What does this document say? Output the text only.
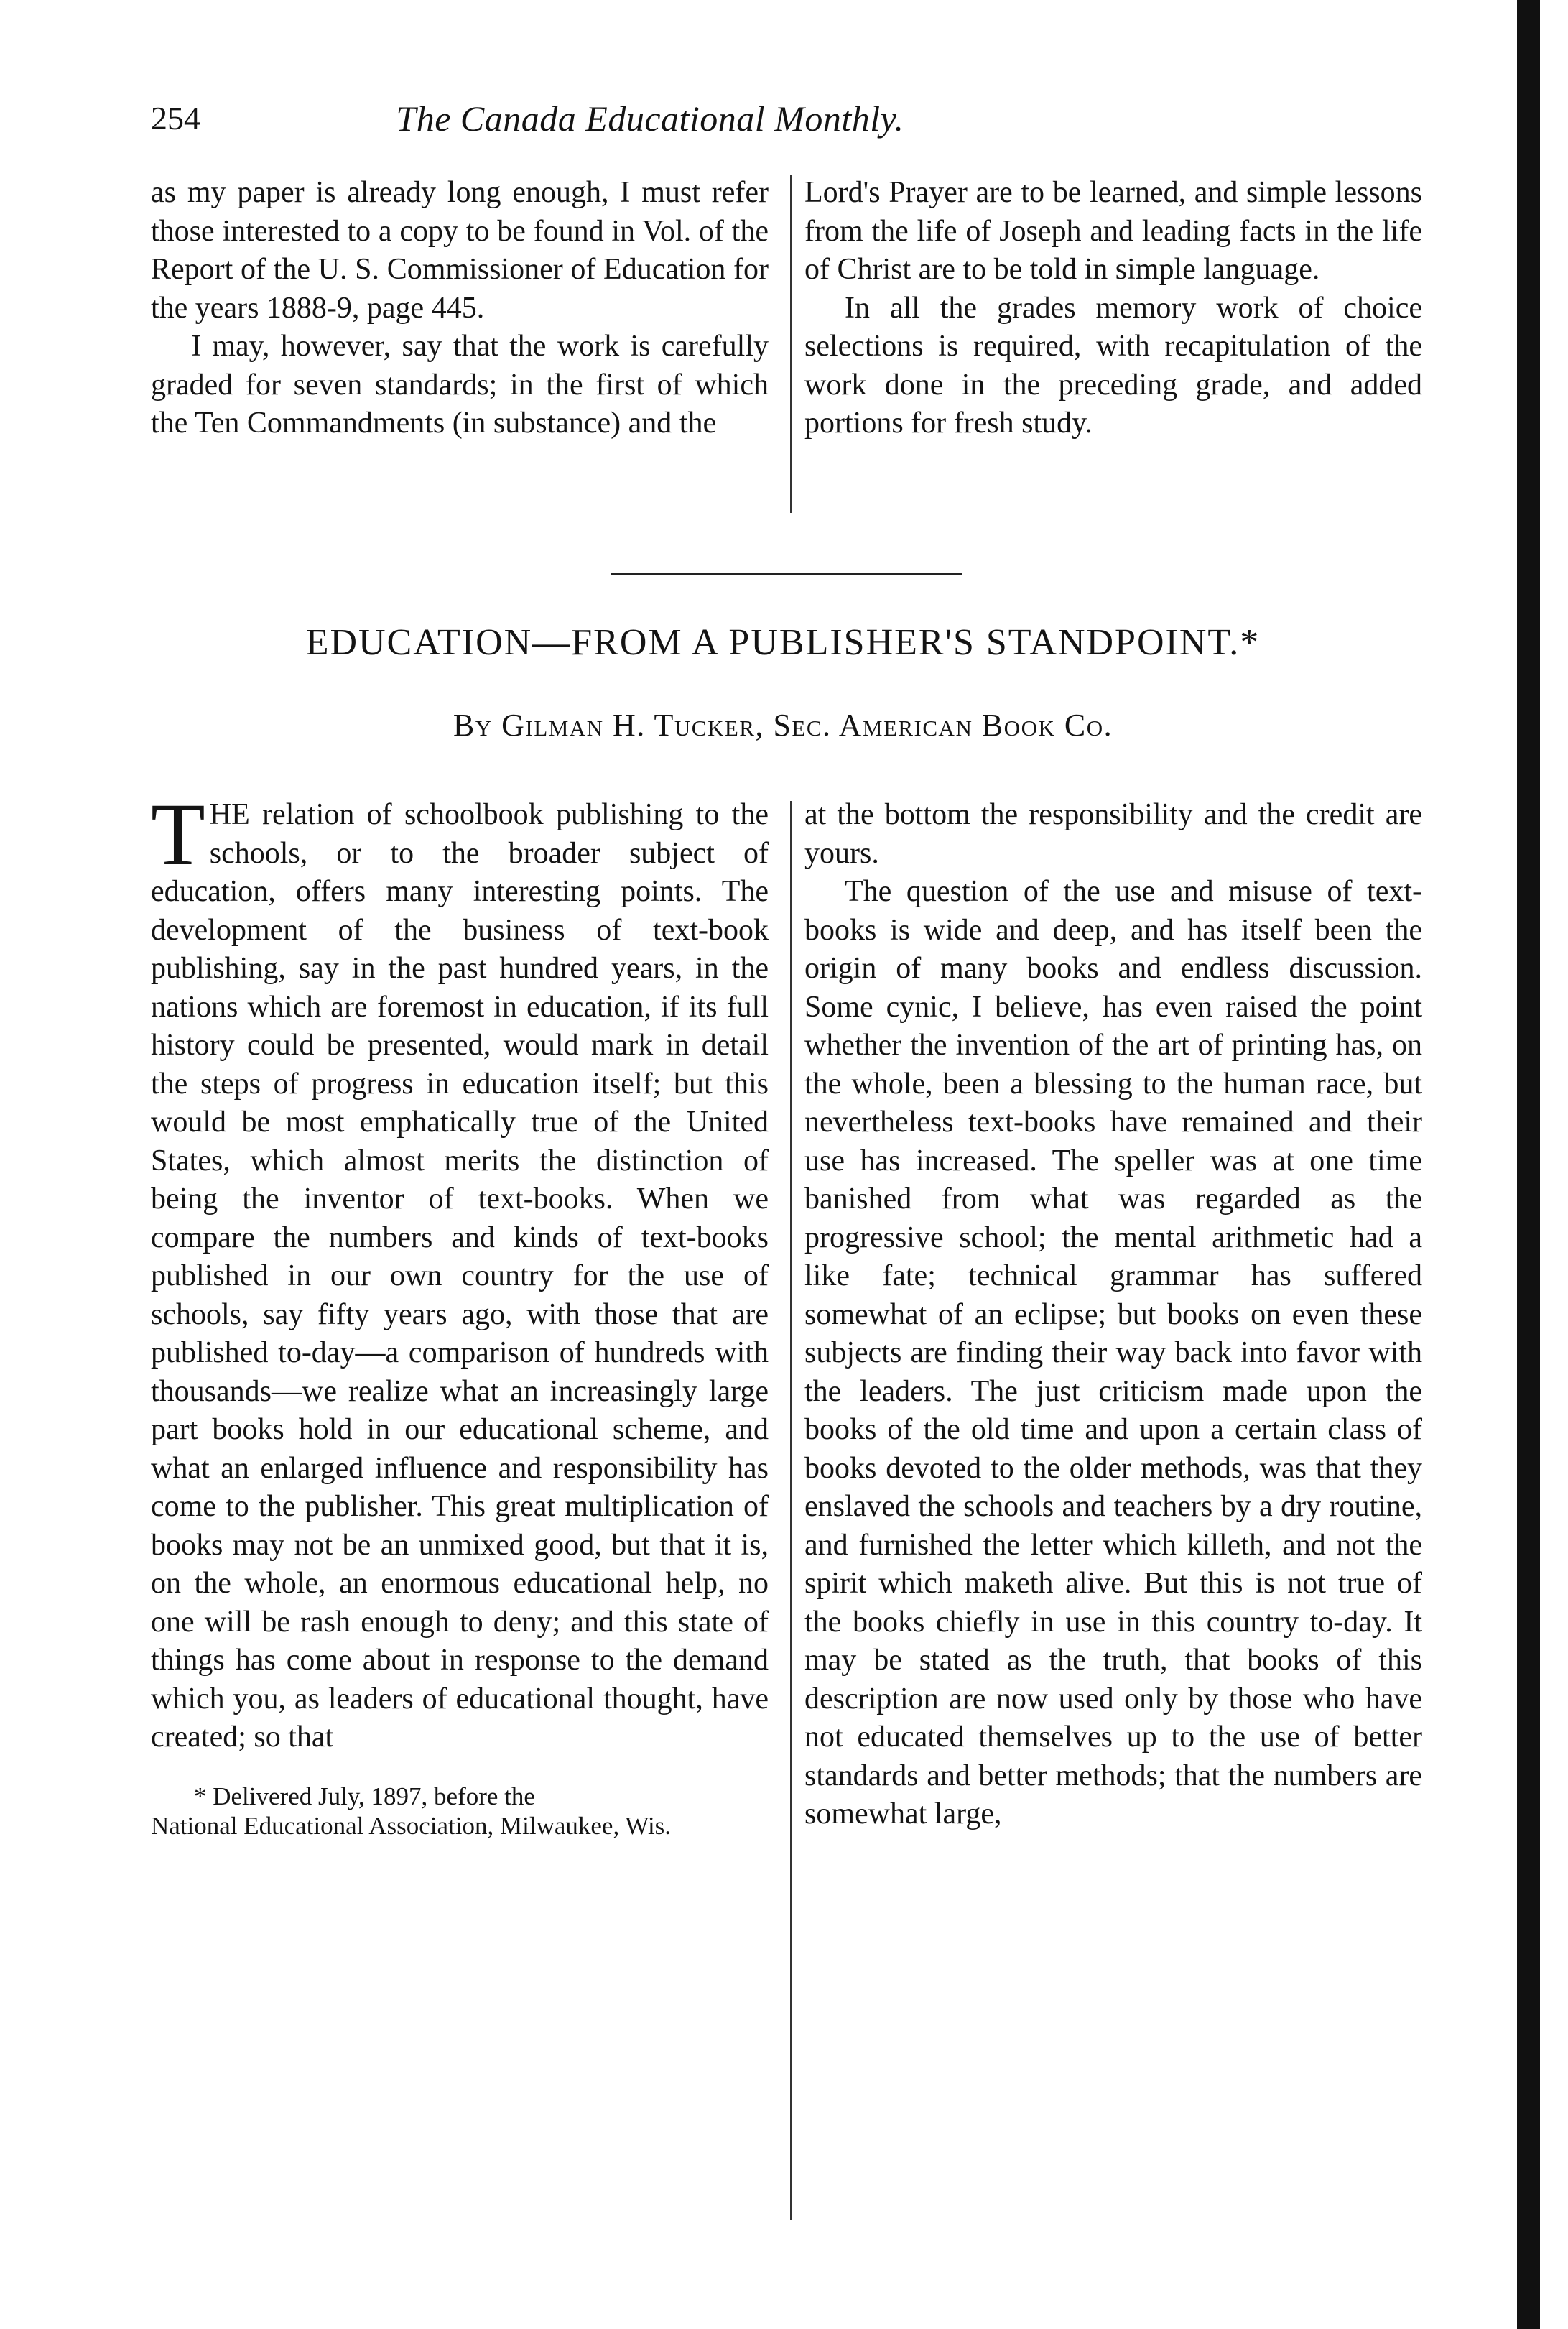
254	The Canada Educational Monthly.

as my paper is already long enough, I must refer those interested to a copy to be found in Vol. of the Report of the U. S. Commissioner of Education for the years 1888-9, page 445.

I may, however, say that the work is carefully graded for seven standards; in the first of which the Ten Commandments (in substance) and the

Lord's Prayer are to be learned, and simple lessons from the life of Joseph and leading facts in the life of Christ are to be told in simple language.

In all the grades memory work of choice selections is required, with recapitulation of the work done in the preceding grade, and added portions for fresh study.

EDUCATION—FROM A PUBLISHER'S STANDPOINT.*
By Gilman H. Tucker, Sec. American Book Co.

THE relation of schoolbook publishing to the schools, or to the broader subject of education, offers many interesting points. The development of the business of text-book publishing, say in the past hundred years, in the nations which are foremost in education, if its full history could be presented, would mark in detail the steps of progress in education itself; but this would be most emphatically true of the United States, which almost merits the distinction of being the inventor of text-books. When we compare the numbers and kinds of text-books published in our own country for the use of schools, say fifty years ago, with those that are published to-day—a comparison of hundreds with thousands—we realize what an increasingly large part books hold in our educational scheme, and what an enlarged influence and responsibility has come to the publisher. This great multiplication of books may not be an unmixed good, but that it is, on the whole, an enormous educational help, no one will be rash enough to deny; and this state of things has come about in response to the demand which you, as leaders of educational thought, have created; so that

* Delivered July, 1897, before the
National Educational Association, Milwaukee, Wis.

at the bottom the responsibility and the credit are yours.

The question of the use and misuse of text-books is wide and deep, and has itself been the origin of many books and endless discussion. Some cynic, I believe, has even raised the point whether the invention of the art of printing has, on the whole, been a blessing to the human race, but nevertheless text-books have remained and their use has increased. The speller was at one time banished from what was regarded as the progressive school; the mental arithmetic had a like fate; technical grammar has suffered somewhat of an eclipse; but books on even these subjects are finding their way back into favor with the leaders. The just criticism made upon the books of the old time and upon a certain class of books devoted to the older methods, was that they enslaved the schools and teachers by a dry routine, and furnished the letter which killeth, and not the spirit which maketh alive. But this is not true of the books chiefly in use in this country to-day. It may be stated as the truth, that books of this description are now used only by those who have not educated themselves up to the use of better standards and better methods; that the numbers are somewhat large,
